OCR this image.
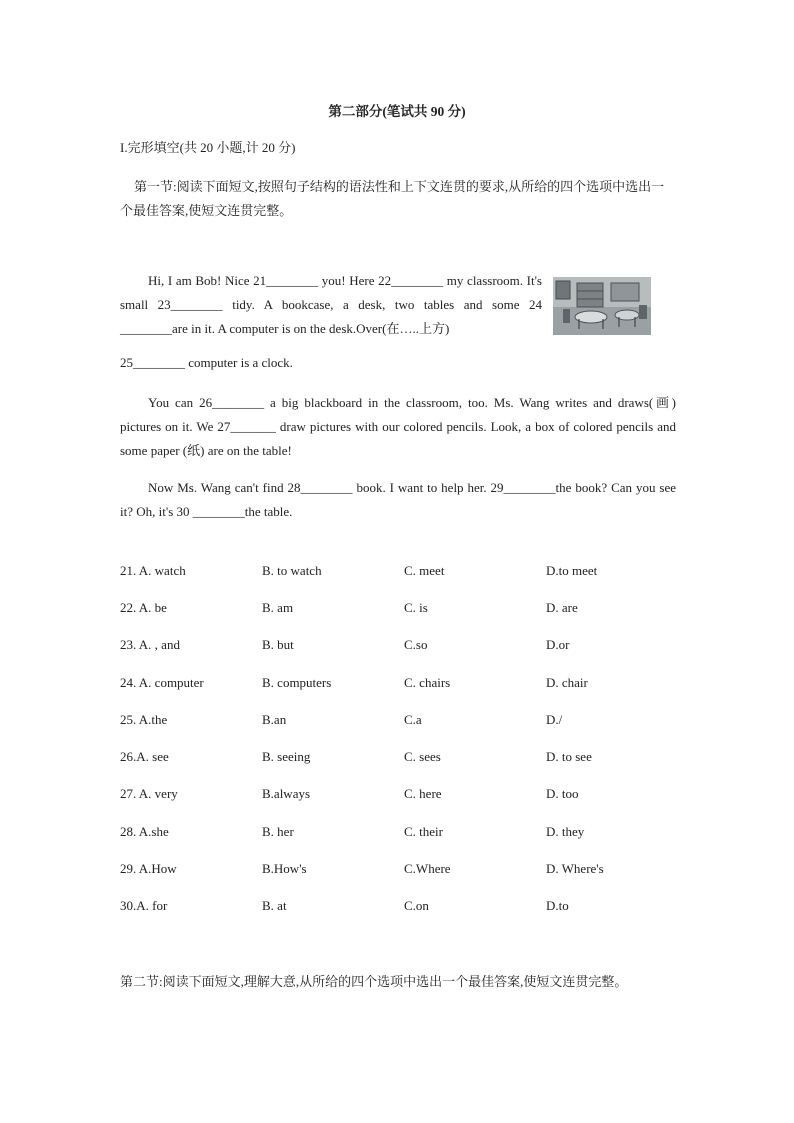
第二部分(笔试共 90 分)
I.完形填空(共 20 小题,计 20 分)
第一节:阅读下面短文,按照句子结构的语法性和上下文连贯的要求,从所给的四个选项中选出一个最佳答案,使短文连贯完整。
Hi, I am Bob! Nice 21________ you! Here 22________ my classroom. It's small 23________ tidy. A bookcase, a desk, two tables and some 24 ________are in it. A computer is on the desk.Over(在…..上方)
25________ computer is a clock.
You can 26________ a big blackboard in the classroom, too. Ms. Wang writes and draws(画) pictures on it. We 27_______ draw pictures with our colored pencils. Look, a box of colored pencils and some paper (纸) are on the table!
Now Ms. Wang can't find 28________ book. I want to help her. 29________the book? Can you see it? Oh, it's 30 ________the table.
21. A. watch	B. to watch	C. meet	D.to meet
22. A. be	B. am	C. is	D. are
23. A. , and	B. but	C.so	D.or
24. A. computer	B. computers	C. chairs	D. chair
25. A.the	B.an	C.a	D./
26.A. see	B. seeing	C. sees	D. to see
27. A. very	B.always	C. here	D. too
28. A.she	B. her	C. their	D. they
29. A.How	B.How's	C.Where	D. Where's
30.A. for	B. at	C.on	D.to
第二节:阅读下面短文,理解大意,从所给的四个选项中选出一个最佳答案,使短文连贯完整。
